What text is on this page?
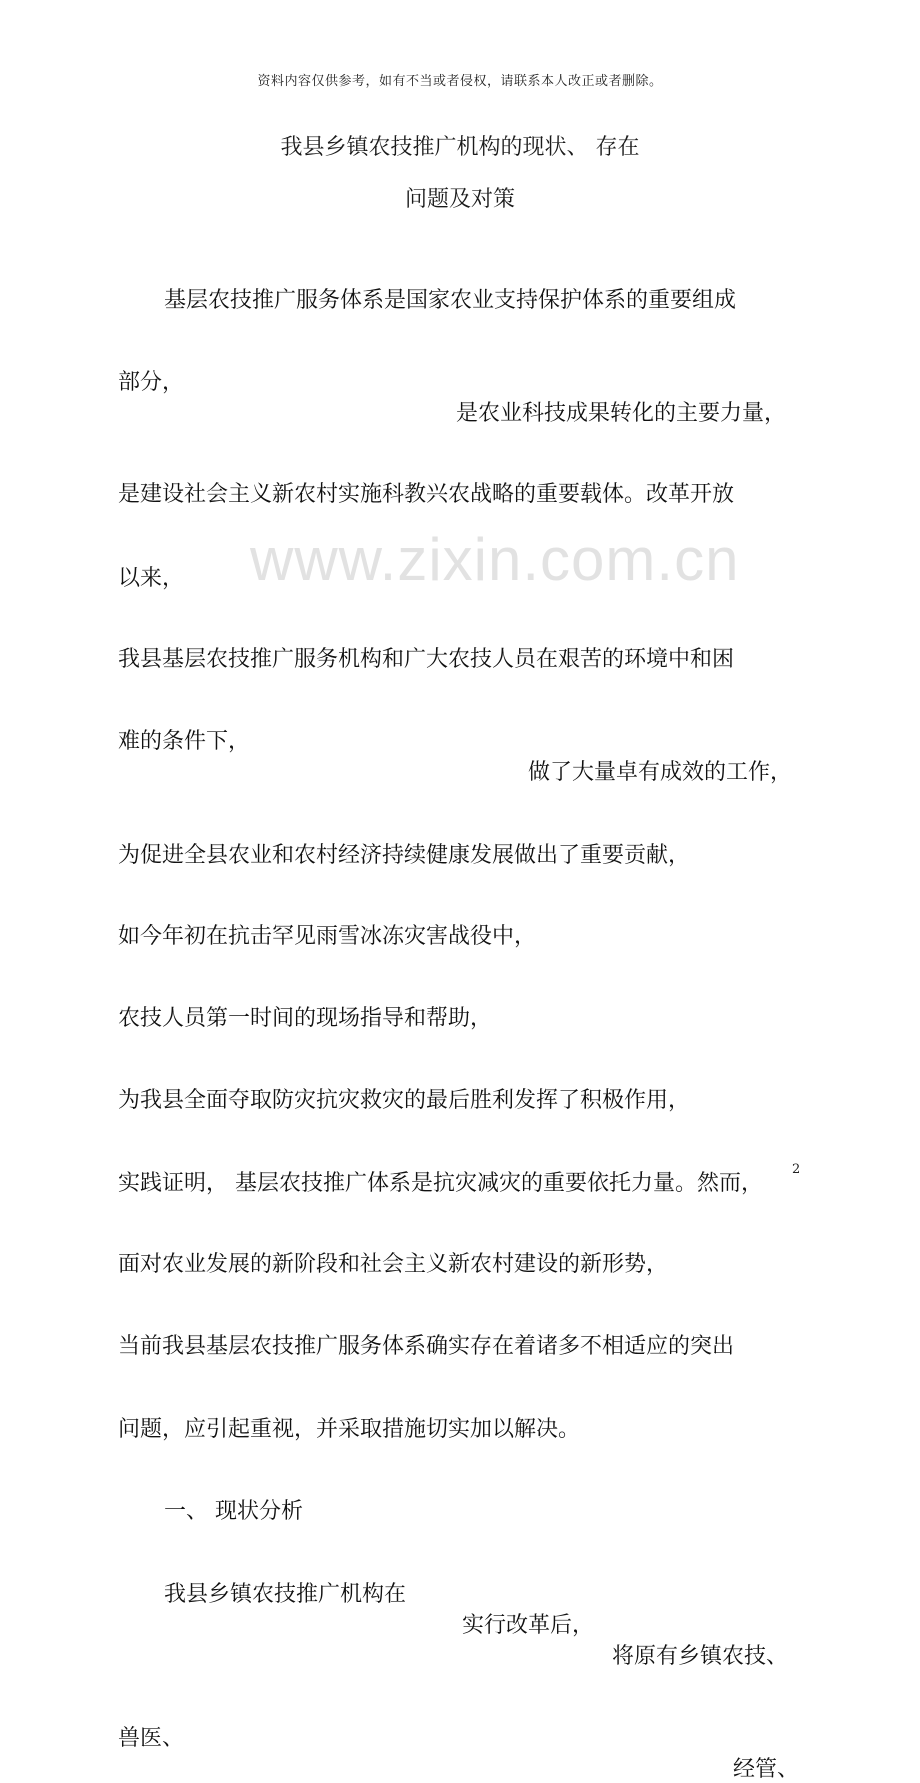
资料内容仅供参考，如有不当或者侵权，请联系本人改正或者删除。
我县乡镇农技推广机构的现状、 存在
问题及对策
www.zixin.com.cn
基层农技推广服务体系是国家农业支持保护体系的重要组成
部分，
是农业科技成果转化的主要力量，
是建设社会主义新农村实施科教兴农战略的重要载体。改革开放
以来，
我县基层农技推广服务机构和广大农技人员在艰苦的环境中和困
难的条件下，
做了大量卓有成效的工作，
为促进全县农业和农村经济持续健康发展做出了重要贡献，
如今年初在抗击罕见雨雪冰冻灾害战役中，
农技人员第一时间的现场指导和帮助，
为我县全面夺取防灾抗灾救灾的最后胜利发挥了积极作用，
实践证明， 基层农技推广体系是抗灾减灾的重要依托力量。然而，
面对农业发展的新阶段和社会主义新农村建设的新形势，
当前我县基层农技推广服务体系确实存在着诸多不相适应的突出
问题，应引起重视，并采取措施切实加以解决。
一、 现状分析
我县乡镇农技推广机构在
实行改革后，
将原有乡镇农技、
兽医、
经管、
2
